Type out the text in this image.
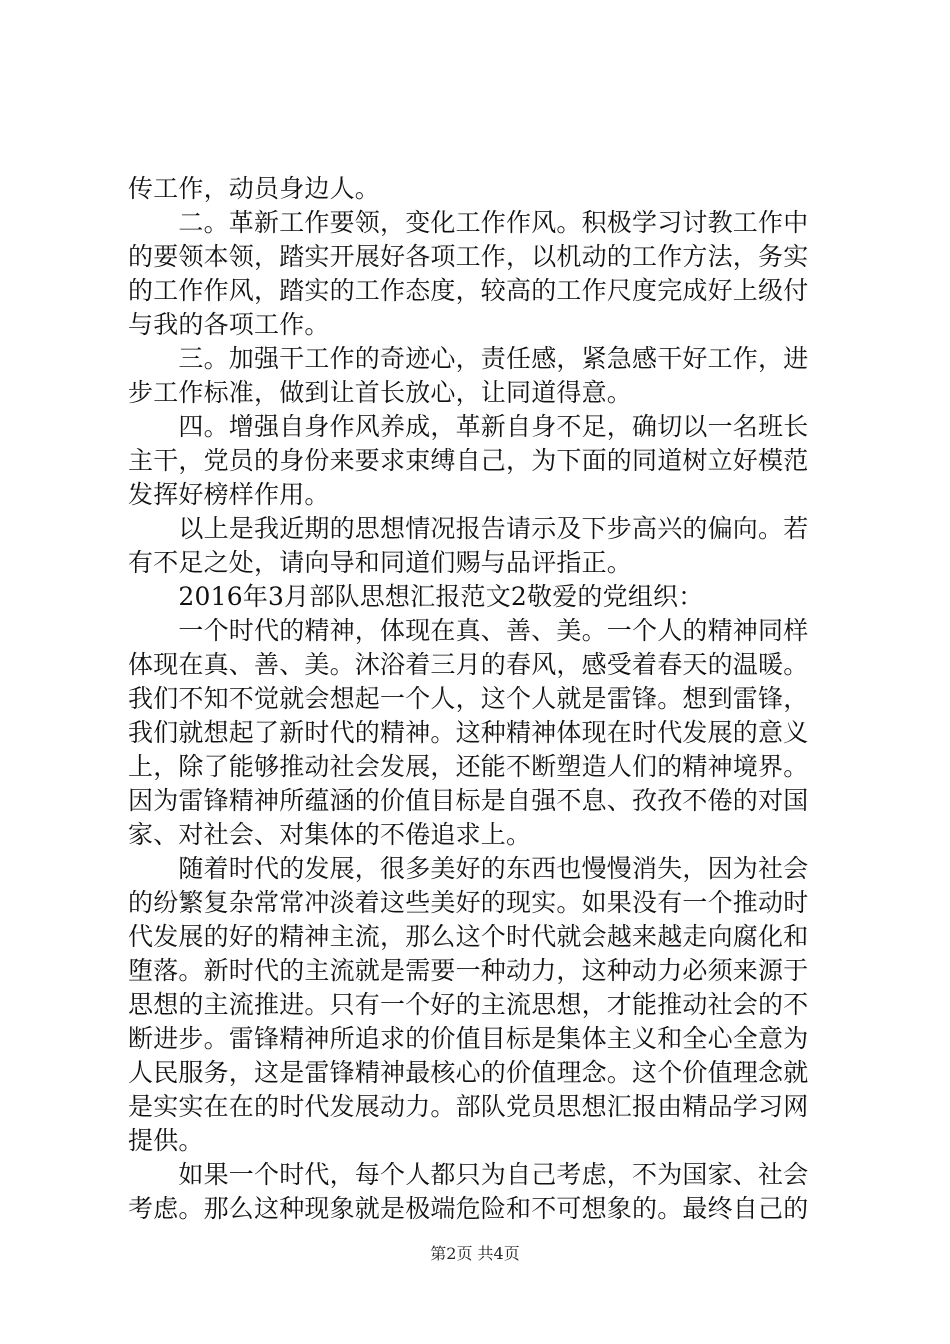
传工作，动员身边人。
　　二。革新工作要领，变化工作作风。积极学习讨教工作中
的要领本领，踏实开展好各项工作，以机动的工作方法，务实
的工作作风，踏实的工作态度，较高的工作尺度完成好上级付
与我的各项工作。
　　三。加强干工作的奇迹心，责任感，紧急感干好工作，进
步工作标准，做到让首长放心，让同道得意。
　　四。增强自身作风养成，革新自身不足，确切以一名班长
主干，党员的身份来要求束缚自己，为下面的同道树立好模范
发挥好榜样作用。
　　以上是我近期的思想情况报告请示及下步高兴的偏向。若
有不足之处，请向导和同道们赐与品评指正。
　　2016年3月部队思想汇报范文2敬爱的党组织：
　　一个时代的精神，体现在真、善、美。一个人的精神同样
体现在真、善、美。沐浴着三月的春风，感受着春天的温暖。
我们不知不觉就会想起一个人，这个人就是雷锋。想到雷锋，
我们就想起了新时代的精神。这种精神体现在时代发展的意义
上，除了能够推动社会发展，还能不断塑造人们的精神境界。
因为雷锋精神所蕴涵的价值目标是自强不息、孜孜不倦的对国
家、对社会、对集体的不倦追求上。
　　随着时代的发展，很多美好的东西也慢慢消失，因为社会
的纷繁复杂常常冲淡着这些美好的现实。如果没有一个推动时
代发展的好的精神主流，那么这个时代就会越来越走向腐化和
堕落。新时代的主流就是需要一种动力，这种动力必须来源于
思想的主流推进。只有一个好的主流思想，才能推动社会的不
断进步。雷锋精神所追求的价值目标是集体主义和全心全意为
人民服务，这是雷锋精神最核心的价值理念。这个价值理念就
是实实在在的时代发展动力。部队党员思想汇报由精品学习网
提供。
　　如果一个时代，每个人都只为自己考虑，不为国家、社会
考虑。那么这种现象就是极端危险和不可想象的。最终自己的
第2页 共4页
